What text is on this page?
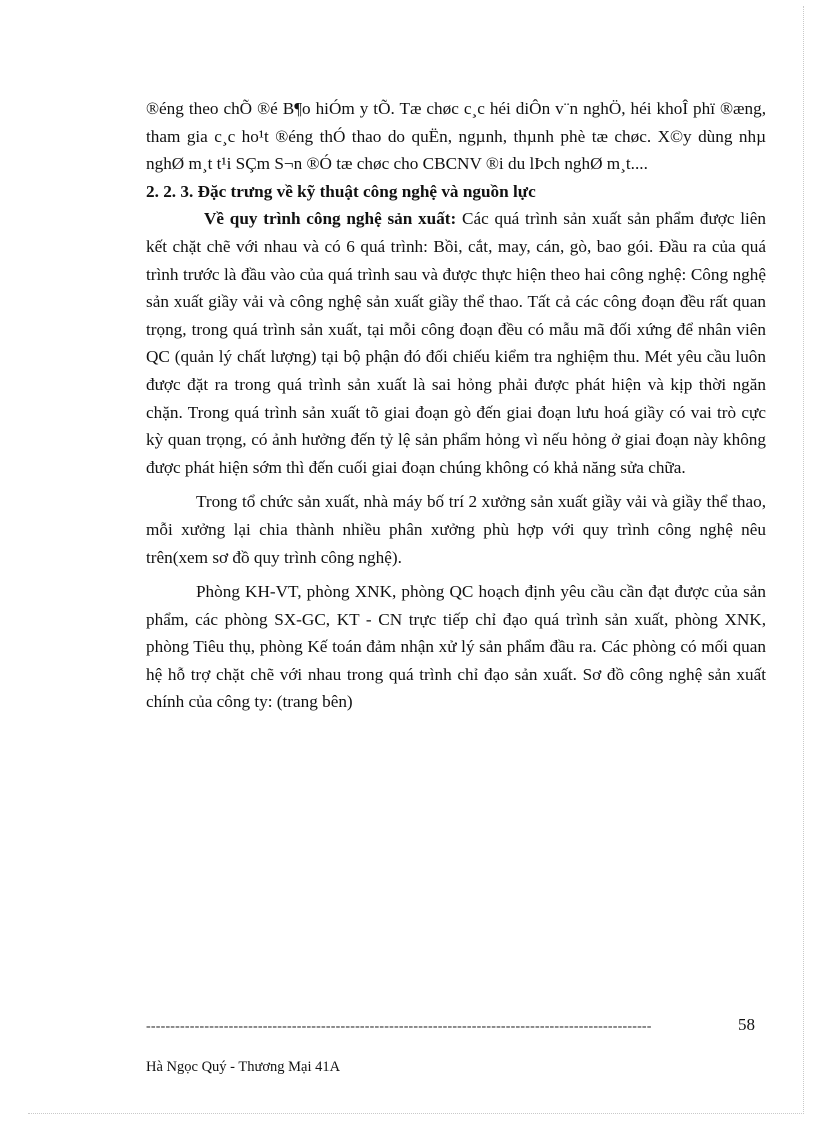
®éng theo chÕ ®é B¶o hiÓm y tÕ. Tæ chøc c¸c héi diÔn v¨n nghÖ, héi khoÎ phï ®æng, tham gia c¸c ho¹t ®éng thÓ thao do quËn, ngµnh, thµnh phè tæ chøc. X©y dùng nhµ nghØ m¸t t¹i SÇm S¬n ®Ó tæ chøc cho CBCNV ®i du lÞch nghØ m¸t....

2. 2. 3. Đặc trưng về kỹ thuật công nghệ và nguồn lực

Về quy trình công nghệ sản xuất: Các quá trình sản xuất sản phẩm được liên kết chặt chẽ với nhau và có 6 quá trình: Bồi, cắt, may, cán, gò, bao gói. Đầu ra của quá trình trước là đầu vào của quá trình sau và được thực hiện theo hai công nghệ: Công nghệ sản xuất giầy vải và công nghệ sản xuất giầy thể thao. Tất cả các công đoạn đều rất quan trọng, trong quá trình sản xuất, tại mỗi công đoạn đều có mẫu mã đối xứng để nhân viên QC (quản lý chất lượng) tại bộ phận đó đối chiếu kiểm tra nghiệm thu. Mét yêu cầu luôn được đặt ra trong quá trình sản xuất là sai hỏng phải được phát hiện và kịp thời ngăn chặn. Trong quá trình sản xuất tõ giai đoạn gò đến giai đoạn lưu hoá giầy có vai trò cực kỳ quan trọng, có ảnh hưởng đến tỷ lệ sản phẩm hỏng vì nếu hỏng ở giai đoạn này không được phát hiện sớm thì đến cuối giai đoạn chúng không có khả năng sửa chữa.

Trong tổ chức sản xuất, nhà máy bố trí 2 xưởng sản xuất giầy vải và giầy thể thao, mỗi xưởng lại chia thành nhiều phân xưởng phù hợp với quy trình công nghệ nêu trên(xem sơ đồ quy trình công nghệ).

Phòng KH-VT, phòng XNK, phòng QC hoạch định yêu cầu cần đạt được của sản phẩm, các phòng SX-GC, KT - CN trực tiếp chỉ đạo quá trình sản xuất, phòng XNK, phòng Tiêu thụ, phòng Kế toán đảm nhận xử lý sản phẩm đầu ra. Các phòng có mối quan hệ hỗ trợ chặt chẽ với nhau trong quá trình chỉ đạo sản xuất. Sơ đồ công nghệ sản xuất chính của công ty: (trang bên)

--------------------------------------------------------------------------------------------------------	58
Hà Ngọc Quý - Thương Mại 41A
